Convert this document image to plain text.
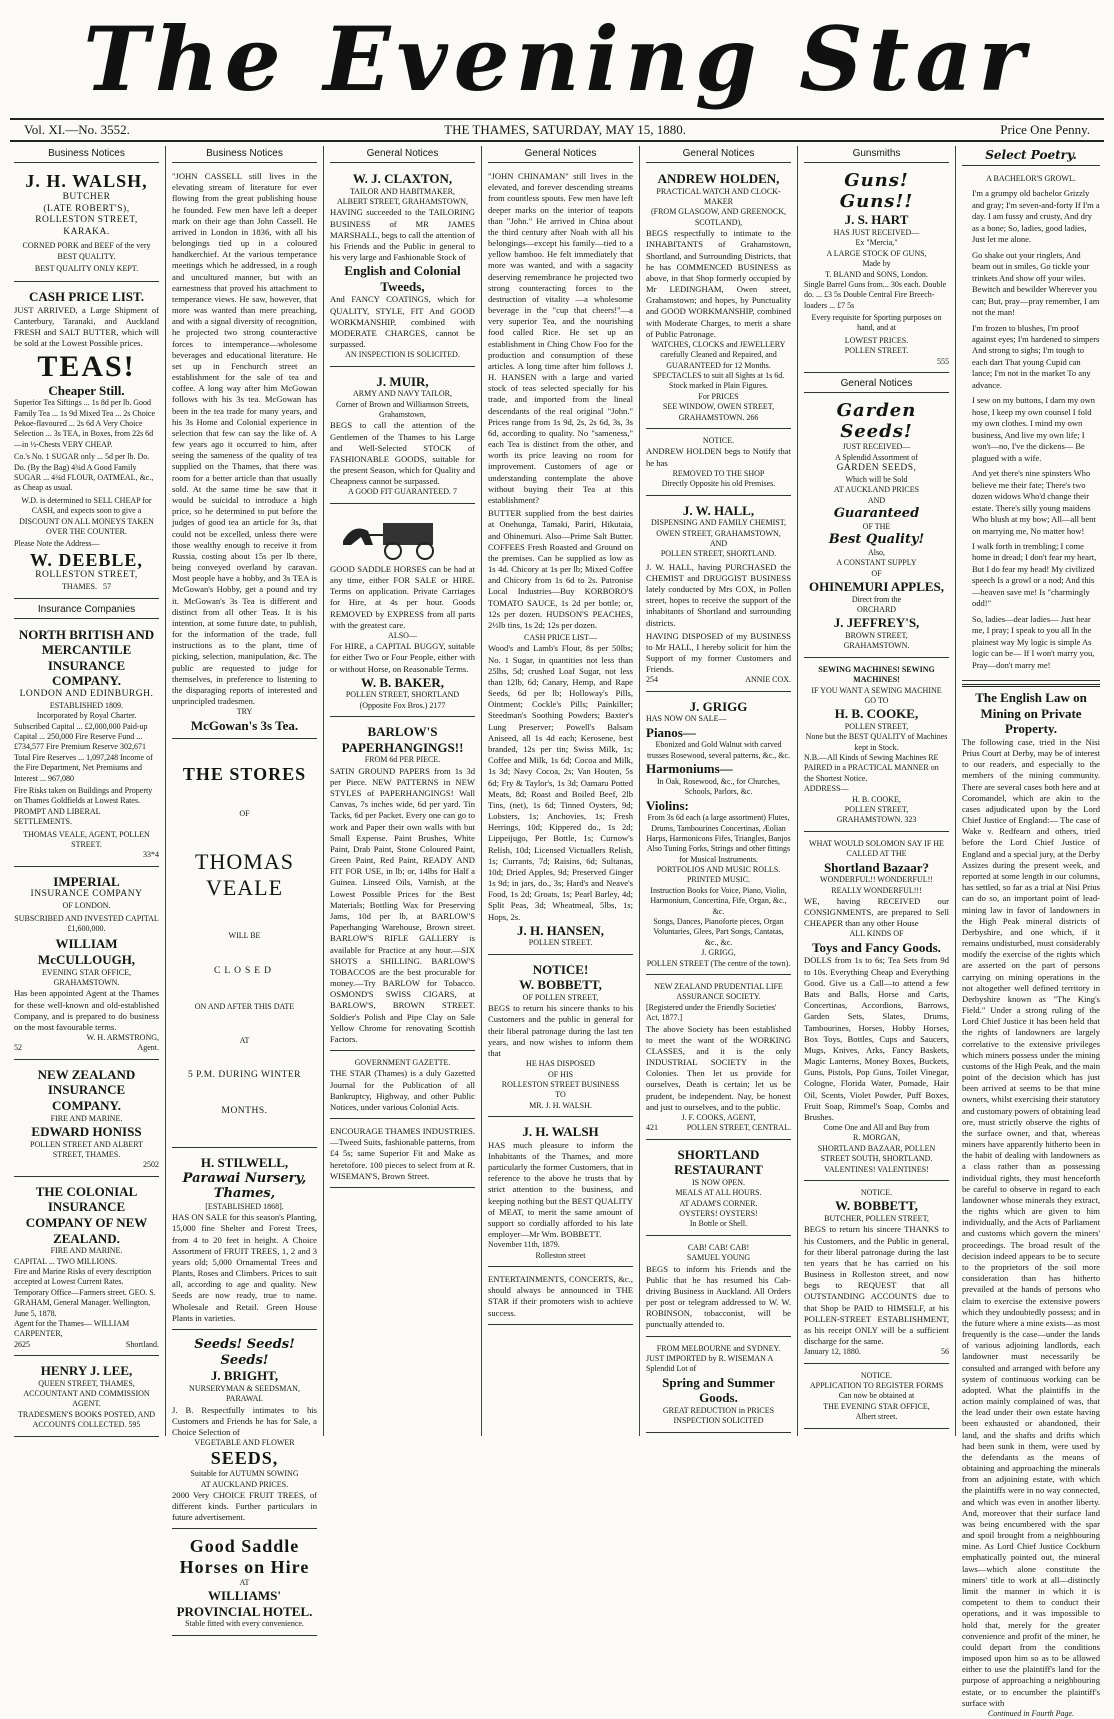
The Evening Star
Vol. XI.—No. 3552.	THE THAMES, SATURDAY, MAY 15, 1880.	Price One Penny.
Business Notices
J. H. WALSH,
BUTCHER
(LATE ROBERT'S),
ROLLESTON STREET, KARAKA.
CORNED PORK and BEEF of the very BEST QUALITY.
BEST QUALITY ONLY KEPT.
CASH PRICE LIST.
JUST ARRIVED, a Large Shipment of Canterbury, Taranaki, and Auckland FRESH and SALT BUTTER, which will be sold at the Lowest Possible prices.
TEAS!
Cheaper Still.
Superior Tea Siftings ... 1s 8d per lb. Good Family Tea ... 1s 9d Mixed Tea ... 2s Choice Pekoe-flavoured ... 2s 6d A Very Choice Selection ... 3s TEA, in Boxes, from 22s 6d—in ½-Chests VERY CHEAP.
Co.'s No. 1 SUGAR only ... 5d per lb. Do. Do. (By the Bag) 4¾d A Good Family SUGAR ... 4¾d FLOUR, OATMEAL, &c., as Cheap as usual.
W.D. is determined to SELL CHEAP for CASH, and expects soon to give a DISCOUNT ON ALL MONEYS TAKEN OVER THE COUNTER.
Please Note the Address—
W. DEEBLE,
ROLLESTON STREET,
THAMES. 57
Insurance Companies
NORTH BRITISH AND MERCANTILE INSURANCE COMPANY.
LONDON AND EDINBURGH.
ESTABLISHED 1809.
Incorporated by Royal Charter.
Subscribed Capital ... £2,000,000 Paid-up Capital ... 250,000 Fire Reserve Fund ... £734,577 Fire Premium Reserve 302,671 Total Fire Reserves ... 1,097,248 Income of the Fire Department, Net Premiums and Interest ... 967,080
Fire Risks taken on Buildings and Property on Thames Goldfields at Lowest Rates. PROMPT AND LIBERAL SETTLEMENTS.
THOMAS VEALE, AGENT, POLLEN STREET.
33*4
IMPERIAL
INSURANCE COMPANY
OF LONDON.
SUBSCRIBED AND INVESTED CAPITAL £1,600,000.
WILLIAM McCULLOUGH,
EVENING STAR OFFICE,
GRAHAMSTOWN.
Has been appointed Agent at the Thames for these well-known and old-established Company, and is prepared to do business on the most favourable terms.
W. H. ARMSTRONG,
52	Agent.
NEW ZEALAND INSURANCE COMPANY.
FIRE AND MARINE.
EDWARD HONISS
POLLEN STREET AND ALBERT STREET, THAMES.
2502
THE COLONIAL INSURANCE COMPANY OF NEW ZEALAND.
FIRE AND MARINE.
CAPITAL ... TWO MILLIONS.
Fire and Marine Risks of every description accepted at Lowest Current Rates. Temporary Office—Farmers street. GEO. S. GRAHAM, General Manager. Wellington, June 5, 1878.
Agent for the Thames— WILLIAM CARPENTER,
2625	Shortland.
HENRY J. LEE,
QUEEN STREET, THAMES,
ACCOUNTANT AND COMMISSION AGENT.
TRADESMEN'S BOOKS POSTED, AND ACCOUNTS COLLECTED. 595
Business Notices
"JOHN CASSELL still lives in the elevating stream of literature for ever flowing from the great publishing house he founded. Few men have left a deeper mark on their age than John Cassell. He arrived in London in 1836, with all his belongings tied up in a coloured handkerchief. At the various temperance meetings which he addressed, in a rough and uncultured manner, but with an earnestness that proved his attachment to temperance views. He saw, however, that more was wanted than mere preaching, and with a signal diversity of recognition, he projected two strong counteractive forces to intemperance—wholesome beverages and educational literature. He set up in Fenchurch street an establishment for the sale of tea and coffee. A long way after him McGowan follows with his 3s tea. McGowan has been in the tea trade for many years, and his 3s Home and Colonial experience in selection that few can say the like of. A few years ago it occurred to him, after seeing the sameness of the quality of tea supplied on the Thames, that there was room for a better article than that usually sold. At the same time he saw that it would be suicidal to introduce a high price, so he determined to put before the judges of good tea an article for 3s, that could not be excelled, unless there were those wealthy enough to receive it from Russia, costing about 15s per lb there, being conveyed overland by caravan. Most people have a hobby, and 3s TEA is McGowan's Hobby, get a pound and try it. McGowan's 3s Tea is different and distinct from all other Teas. It is his intention, at some future date, to publish, for the information of the trade, full instructions as to the plant, time of picking, selection, manipulation, &c. The public are requested to judge for themselves, in preference to listening to the disparaging reports of interested and unprincipled tradesmen.
TRY
McGowan's 3s Tea.
THE STORES
OF
THOMAS VEALE
WILL BE
CLOSED
ON AND AFTER THIS DATE
AT
5 P.M. DURING WINTER
MONTHS.
H. STILWELL,
Parawai Nursery, Thames,
[ESTABLISHED 1868].
HAS ON SALE for this season's Planting, 15,000 fine Shelter and Forest Trees, from 4 to 20 feet in height. A Choice Assortment of FRUIT TREES, 1, 2 and 3 years old; 5,000 Ornamental Trees and Plants, Roses and Climbers. Prices to suit all, according to age and quality. New Seeds are now ready, true to name. Wholesale and Retail. Green House Plants in varieties.
Seeds! Seeds! Seeds!
J. BRIGHT,
NURSERYMAN & SEEDSMAN,
PARAWAI.
J. B. Respectfully intimates to his Customers and Friends he has for Sale, a Choice Selection of
VEGETABLE AND FLOWER
SEEDS,
Suitable for AUTUMN SOWING
AT AUCKLAND PRICES.
2000 Very CHOICE FRUIT TREES, of different kinds. Further particulars in future advertisement.
Good Saddle Horses on Hire
AT
WILLIAMS' PROVINCIAL HOTEL.
Stable fitted with every convenience.
General Notices
W. J. CLAXTON,
TAILOR AND HABITMAKER,
ALBERT STREET, GRAHAMSTOWN,
HAVING succeeded to the TAILORING BUSINESS of MR JAMES MARSHALL, begs to call the attention of his Friends and the Public in general to his very large and Fashionable Stock of
English and Colonial Tweeds,
And FANCY COATINGS, which for QUALITY, STYLE, FIT And GOOD WORKMANSHIP, combined with MODERATE CHARGES, cannot be surpassed.
AN INSPECTION IS SOLICITED.
J. MUIR,
ARMY AND NAVY TAILOR,
Corner of Brown and Williamson Streets, Grahamstown,
BEGS to call the attention of the Gentlemen of the Thames to his Large and Well-Selected STOCK of FASHIONABLE GOODS, suitable for the present Season, which for Quality and Cheapness cannot be surpassed.
A GOOD FIT GUARANTEED. 7
GOOD SADDLE HORSES can be had at any time, either FOR SALE or HIRE. Terms on application. Private Carriages for Hire, at 4s per hour. Goods REMOVED by EXPRESS from all parts with the greatest care.
ALSO—
For HIRE, a CAPITAL BUGGY, suitable for either Two or Four People, either with or without Horse, on Reasonable Terms.
W. B. BAKER,
POLLEN STREET, SHORTLAND
(Opposite Fox Bros.) 2177
BARLOW'S
PAPERHANGINGS!!
FROM 6d PER PIECE.
SATIN GROUND PAPERS from 1s 3d per Piece. NEW PATTERNS in NEW STYLES of PAPERHANGINGS! Wall Canvas, 7s inches wide, 6d per yard. Tin Tacks, 6d per Packet. Every one can go to work and Paper their own walls with but Small Expense. Paint Brushes, White Paint, Drab Paint, Stone Coloured Paint, Green Paint, Red Paint, READY AND FIT FOR USE, in lb; or, 14lbs for Half a Guinea. Linseed Oils, Varnish, at the Lowest Possible Prices for the Best Materials; Bottling Wax for Preserving Jams, 10d per lb, at BARLOW'S Paperhanging Warehouse, Brown street. BARLOW'S RIFLE GALLERY is available for Practice at any hour.—SIX SHOTS a SHILLING. BARLOW'S TOBACCOS are the best procurable for money.—Try BARLOW for Tobacco. OSMOND'S SWISS CIGARS, at BARLOW'S, BROWN STREET. Soldier's Polish and Pipe Clay on Sale Yellow Chrome for renovating Scottish Factors.
GOVERNMENT GAZETTE.
THE STAR (Thames) is a duly Gazetted Journal for the Publication of all Bankruptcy, Highway, and other Public Notices, under various Colonial Acts.
ENCOURAGE THAMES INDUSTRIES.—Tweed Suits, fashionable patterns, from £4 5s; same Superior Fit and Make as heretofore. 100 pieces to select from at R. WISEMAN'S, Brown Street.
General Notices
"JOHN CHINAMAN" still lives in the elevated, and forever descending streams from countless spouts. Few men have left deeper marks on the interior of teapots than "John." He arrived in China about the third century after Noah with all his belongings—except his family—tied to a yellow bamboo. He felt immediately that more was wanted, and with a sagacity deserving remembrance he projected two strong counteracting forces to the destruction of vitality —a wholesome beverage in the "cup that cheers!"—a very superior Tea, and the nourishing food called Rice. He set up an establishment in Ching Chow Foo for the production and consumption of these articles. A long time after him follows J. H. HANSEN with a large and varied stock of teas selected specially for his trade, and imported from the lineal descendants of the real original "John." Prices range from 1s 9d, 2s, 2s 6d, 3s, 3s 6d, according to quality. No "sameness," each Tea is distinct from the other, and worth its price leaving no room for improvement. Customers of age or understanding contemplate the above without buying their Tea at this establishment?
BUTTER supplied from the best dairies at Onehunga, Tamaki, Pariri, Hikutaia, and Ohinemuri. Also—Prime Salt Butter. COFFEES Fresh Roasted and Ground on the premises. Can be supplied as low as 1s 4d. Chicory at 1s per lb; Mixed Coffee and Chicory from 1s 6d to 2s. Patronise Local Industries—Buy KORBORO'S TOMATO SAUCE, 1s 2d per bottle; or, 12s per dozen. HUDSON'S PEACHES, 2½lb tins, 1s 2d; 12s per dozen.
CASH PRICE LIST—
Wood's and Lamb's Flour, 8s per 50lbs; No. 1 Sugar, in quantities not less than 25lbs, 5d; crushed Loaf Sugar, not less than 12lb, 6d; Canary, Hemp, and Rape Seeds, 6d per lb; Holloway's Pills, Ointment; Cockle's Pills; Painkiller; Steedman's Soothing Powders; Baxter's Lung Preserver; Powell's Balsam Aniseed, all 1s 4d each; Kerosene, best branded, 12s per tin; Swiss Milk, 1s; Coffee and Milk, 1s 6d; Cocoa and Milk, 1s 3d; Navy Cocoa, 2s; Van Houten, 5s 6d; Fry & Taylor's, 1s 3d; Oamaru Potted Meats, 8d; Roast and Boiled Beef, 2lb Tins, (net), 1s 6d; Tinned Oysters, 9d; Lobsters, 1s; Anchovies, 1s; Fresh Herrings, 10d; Kippered do., 1s 2d; Lippeijugo, Per Bottle, 1s; Curnow's Relish, 10d; Licensed Victuallers Relish, 1s; Currants, 7d; Raisins, 6d; Sultanas, 10d; Dried Apples, 9d; Preserved Ginger 1s 9d; in jars, do., 3s; Hard's and Neave's Food, 1s 2d; Groats, 1s; Pearl Barley, 4d; Split Peas, 3d; Wheatmeal, 5lbs, 1s; Hops, 2s.
J. H. HANSEN,
POLLEN STREET.
NOTICE!
W. BOBBETT,
OF POLLEN STREET,
BEGS to return his sincere thanks to his Customers and the public in general for their liberal patronage during the last ten years, and now wishes to inform them that
HE HAS DISPOSED
OF HIS
ROLLESTON STREET BUSINESS
TO
MR. J. H. WALSH.
J. H. WALSH
HAS much pleasure to inform the Inhabitants of the Thames, and more particularly the former Customers, that in reference to the above he trusts that by strict attention to the business, and keeping nothing but the BEST QUALITY of MEAT, to merit the same amount of support so cordially afforded to his late employer—Mr Wm. BOBBETT.
November 11th, 1879.
Rolleston street
ENTERTAINMENTS, CONCERTS, &c., should always be announced in THE STAR if their promoters wish to achieve success.
General Notices
ANDREW HOLDEN,
PRACTICAL WATCH AND CLOCK-MAKER
(FROM GLASGOW, AND GREENOCK, SCOTLAND),
BEGS respectfully to intimate to the INHABITANTS of Grahamstown, Shortland, and Surrounding Districts, that he has COMMENCED BUSINESS as above, in that Shop formerly occupied by Mr LEDINGHAM, Owen street, Grahamstown; and hopes, by Punctuality and GOOD WORKMANSHIP, combined with Moderate Charges, to merit a share of Public Patronage.
WATCHES, CLOCKS and JEWELLERY carefully Cleaned and Repaired, and GUARANTEED for 12 Months.
SPECTACLES to suit all Sights at 1s 6d.
Stock marked in Plain Figures.
For PRICES
SEE WINDOW, OWEN STREET,
GRAHAMSTOWN. 266
NOTICE.
ANDREW HOLDEN begs to Notify that he has
REMOVED TO THE SHOP
Directly Opposite his old Premises.
J. W. HALL,
DISPENSING AND FAMILY CHEMIST,
OWEN STREET, GRAHAMSTOWN,
AND
POLLEN STREET, SHORTLAND.
J. W. HALL, having PURCHASED the CHEMIST and DRUGGIST BUSINESS lately conducted by Mrs COX, in Pollen street, hopes to receive the support of the inhabitants of Shortland and surrounding districts.
HAVING DISPOSED of my BUSINESS to Mr HALL, I hereby solicit for him the Support of my former Customers and Friends.
254	ANNIE COX.
J. GRIGG
HAS NOW ON SALE—
Pianos—
Ebonized and Gold Walnut with carved trusses Rosewood, several patterns, &c., &c.
Harmoniums—
In Oak, Rosewood, &c., for Churches, Schools, Parlors, &c.
Violins:
From 3s 6d each (a large assortment) Flutes, Drums, Tambourines Concertinas, Æolian Harps, Harmonicons Fifes, Triangles, Banjos Also Tuning Forks, Strings and other fittings for Musical Instruments.
PORTFOLIOS AND MUSIC ROLLS.
PRINTED MUSIC.
Instruction Books for Voice, Piano, Violin, Harmonium, Concertina, Fife, Organ, &c., &c.
Songs, Dances, Pianoforte pieces, Organ Voluntaries, Glees, Part Songs, Cantatas, &c., &c.
J. GRIGG,
POLLEN STREET (The centre of the town).
NEW ZEALAND PRUDENTIAL LIFE ASSURANCE SOCIETY.
[Registered under the Friendly Societies' Act, 1877.]
The above Society has been established to meet the want of the WORKING CLASSES, and it is the only INDUSTRIAL SOCIETY in the Colonies. Then let us provide for ourselves, Death is certain; let us be prudent, be independent. Nay, be honest and just to ourselves, and to the public.
J. F. COOKS, AGENT,
421	POLLEN STREET, CENTRAL.
SHORTLAND
RESTAURANT
IS NOW OPEN.
MEALS AT ALL HOURS.
AT ADAM'S CORNER.
OYSTERS! OYSTERS!
In Bottle or Shell.
CAB! CAB! CAB!
SAMUEL YOUNG
BEGS to inform his Friends and the Public that he has resumed his Cab-driving Business in Auckland. All Orders per post or telegram addressed to W. W. ROBINSON, tobacconist, will be punctually attended to.
FROM MELBOURNE and SYDNEY.
JUST IMPORTED by R. WISEMAN A Splendid Lot of
Spring and Summer Goods.
GREAT REDUCTION in PRICES
INSPECTION SOLICITED
Gunsmiths
Guns! Guns!!
J. S. HART
HAS JUST RECEIVED—
Ex "Mercia,"
A LARGE STOCK OF GUNS,
Made by
T. BLAND and SONS, London.
Single Barrel Guns from... 30s each. Double do. ... £3 5s Double Central Fire Breech-loaders ... £7 5s
Every requisite for Sporting purposes on hand, and at
LOWEST PRICES.
POLLEN STREET.
555
General Notices
Garden Seeds!
JUST RECEIVED—
A Splendid Assortment of
GARDEN SEEDS,
Which will be Sold
AT AUCKLAND PRICES
AND
Guaranteed
OF THE
Best Quality!
Also,
A CONSTANT SUPPLY
OF
OHINEMURI APPLES,
Direct from the
ORCHARD
J. JEFFREY'S,
BROWN STREET,
GRAHAMSTOWN.
SEWING MACHINES! SEWING MACHINES!
IF YOU WANT A SEWING MACHINE
GO TO
H. B. COOKE,
POLLEN STREET,
None but the BEST QUALITY of Machines kept in Stock.
N.B.—All Kinds of Sewing Machines RE PAIRED in a PRACTICAL MANNER on the Shortest Notice.
ADDRESS—
H. B. COOKE,
POLLEN STREET,
GRAHAMSTOWN. 323
WHAT WOULD SOLOMON SAY IF HE CALLED AT THE
Shortland Bazaar?
WONDERFUL!! WONDERFUL!! REALLY WONDERFUL!!!
WE, having RECEIVED our CONSIGNMENTS, are prepared to Sell CHEAPER than any other House
ALL KINDS OF
Toys and Fancy Goods.
DOLLS from 1s to 6s; Tea Sets from 9d to 10s. Everything Cheap and Everything Good. Give us a Call—to attend a few Bats and Balls, Horse and Carts, Concertinas, Accordions, Barrows, Garden Sets, Slates, Drums, Tambourines, Horses, Hobby Horses, Box Toys, Bottles, Cups and Saucers, Mugs, Knives, Arks, Fancy Baskets, Magic Lanterns, Money Boxes, Buckets, Guns, Pistols, Pop Guns, Toilet Vinegar, Cologne, Florida Water, Pomade, Hair Oil, Scents, Violet Powder, Puff Boxes, Fruit Soap, Rimmel's Soap, Combs and Brushes.
Come One and All and Buy from
R. MORGAN,
SHORTLAND BAZAAR, POLLEN STREET SOUTH, SHORTLAND.
VALENTINES! VALENTINES!
NOTICE.
W. BOBBETT,
BUTCHER, POLLEN STREET,
BEGS to return his sincere THANKS to his Customers, and the Public in general, for their liberal patronage during the last ten years that he has carried on his Business in Rolleston street, and now begs to REQUEST that all OUTSTANDING ACCOUNTS due to that Shop be PAID to HIMSELF, at his POLLEN-STREET ESTABLISHMENT, as his receipt ONLY will be a sufficient discharge for the same.
January 12, 1880.	56
NOTICE.
APPLICATION TO REGISTER FORMS
Can now be obtained at
THE EVENING STAR OFFICE,
Albert street.
Select Poetry.
A BACHELOR'S GROWL.
I'm a grumpy old bachelor Grizzly and gray; I'm seven-and-forty If I'm a day. I am fussy and crusty, And dry as a bone; So, ladies, good ladies, Just let me alone.
Go shake out your ringlets, And beam out in smiles, Go tickle your trinkets And show off your wiles. Bewitch and bewilder Wherever you can; But, pray—pray remember, I am not the man!
I'm frozen to blushes, I'm proof against eyes; I'm hardened to simpers And strong to sighs; I'm tough to each dart That young Cupid can lance; I'm not in the market To any advance.
I sew on my buttons, I darn my own hose, I keep my own counsel I fold my own clothes. I mind my own business, And live my own life; I won't—no, I've the dickens— Be plagued with a wife.
And yet there's nine spinsters Who believe me their fate; There's two dozen widows Who'd change their estate. There's silly young maidens Who blush at my bow; All—all bent on marrying me, No matter how!
I walk forth in trembling; I come home in dread; I don't fear my heart, But I do fear my head! My civilized speech Is a growl or a nod; And this—heaven save me! Is "charmingly odd!"
So, ladies—dear ladies— Just hear me, I pray; I speak to you all In the plainest way My logic is simple As logic can be— If I won't marry you, Pray—don't marry me!
The English Law on Mining on Private Property.
The following case, tried in the Nisi Prius Court at Derby, may be of interest to our readers, and especially to the members of the mining community. There are several cases both here and at Coromandel, which are akin to the cases adjudicated upon by the Lord Chief Justice of England:— The case of Wake v. Redfearn and others, tried before the Lord Chief Justice of England and a special jury, at the Derby Assizes during the present week, and reported at some length in our columns, has settled, so far as a trial at Nisi Prius can do so, an important point of lead-mining law in favor of landowners in the High Peak mineral districts of Derbyshire, and one which, if it remains undisturbed, must considerably modify the exercise of the rights which are asserted on the part of persons carrying on mining operations in the not altogether well defined territory in Derbyshire known as "The King's Field." Under a strong ruling of the Lord Chief Justice it has been held that the rights of landowners are largely correlative to the extensive privileges which miners possess under the mining customs of the High Peak, and the main point of the decision which has just been arrived at seems to be that mine owners, whilst exercising their statutory and customary powers of obtaining lead ore, must strictly observe the rights of the surface owner, and that, whereas miners have apparently hitherto been in the habit of dealing with landowners as a class rather than as possessing individual rights, they must henceforth be careful to observe in regard to each landowner whose minerals they extract, the rights which are given to him individually, and the Acts of Parliament and customs which govern the miners' proceedings. The broad result of the decision indeed appears to be to secure to the proprietors of the soil more consideration than has hitherto prevailed at the hands of persons who claim to exercise the extensive powers which they undoubtedly possess; and in the future where a mine exists—as most frequently is the case—under the lands of various adjoining landlords, each landowner must necessarily be consulted and arranged with before any system of continuous working can be adopted. What the plaintiffs in the action mainly complained of was, that the lead under their own estate having been exhausted or abandoned, their land, and the shafts and drifts which had been sunk in them, were used by the defendants as the means of obtaining and approaching the minerals from an adjoining estate, with which the plaintiffs were in no way connected, and which was even in another liberty. And, moreover that their surface land was being encumbered with the spar and spoil brought from a neighbouring mine. As Lord Chief Justice Cockburn emphatically pointed out, the mineral laws—which alone constitute the miners' title to work at all—distinctly limit the manner in which it is competent to them to conduct their operations, and it was impossible to hold that, merely for the greater convenience and profit of the miner, he could depart from the conditions imposed upon him so as to be allowed either to use the plaintiff's land for the purpose of approaching a neighbouring estate, or to encumber the plaintiff's surface with
Continued in Fourth Page.
